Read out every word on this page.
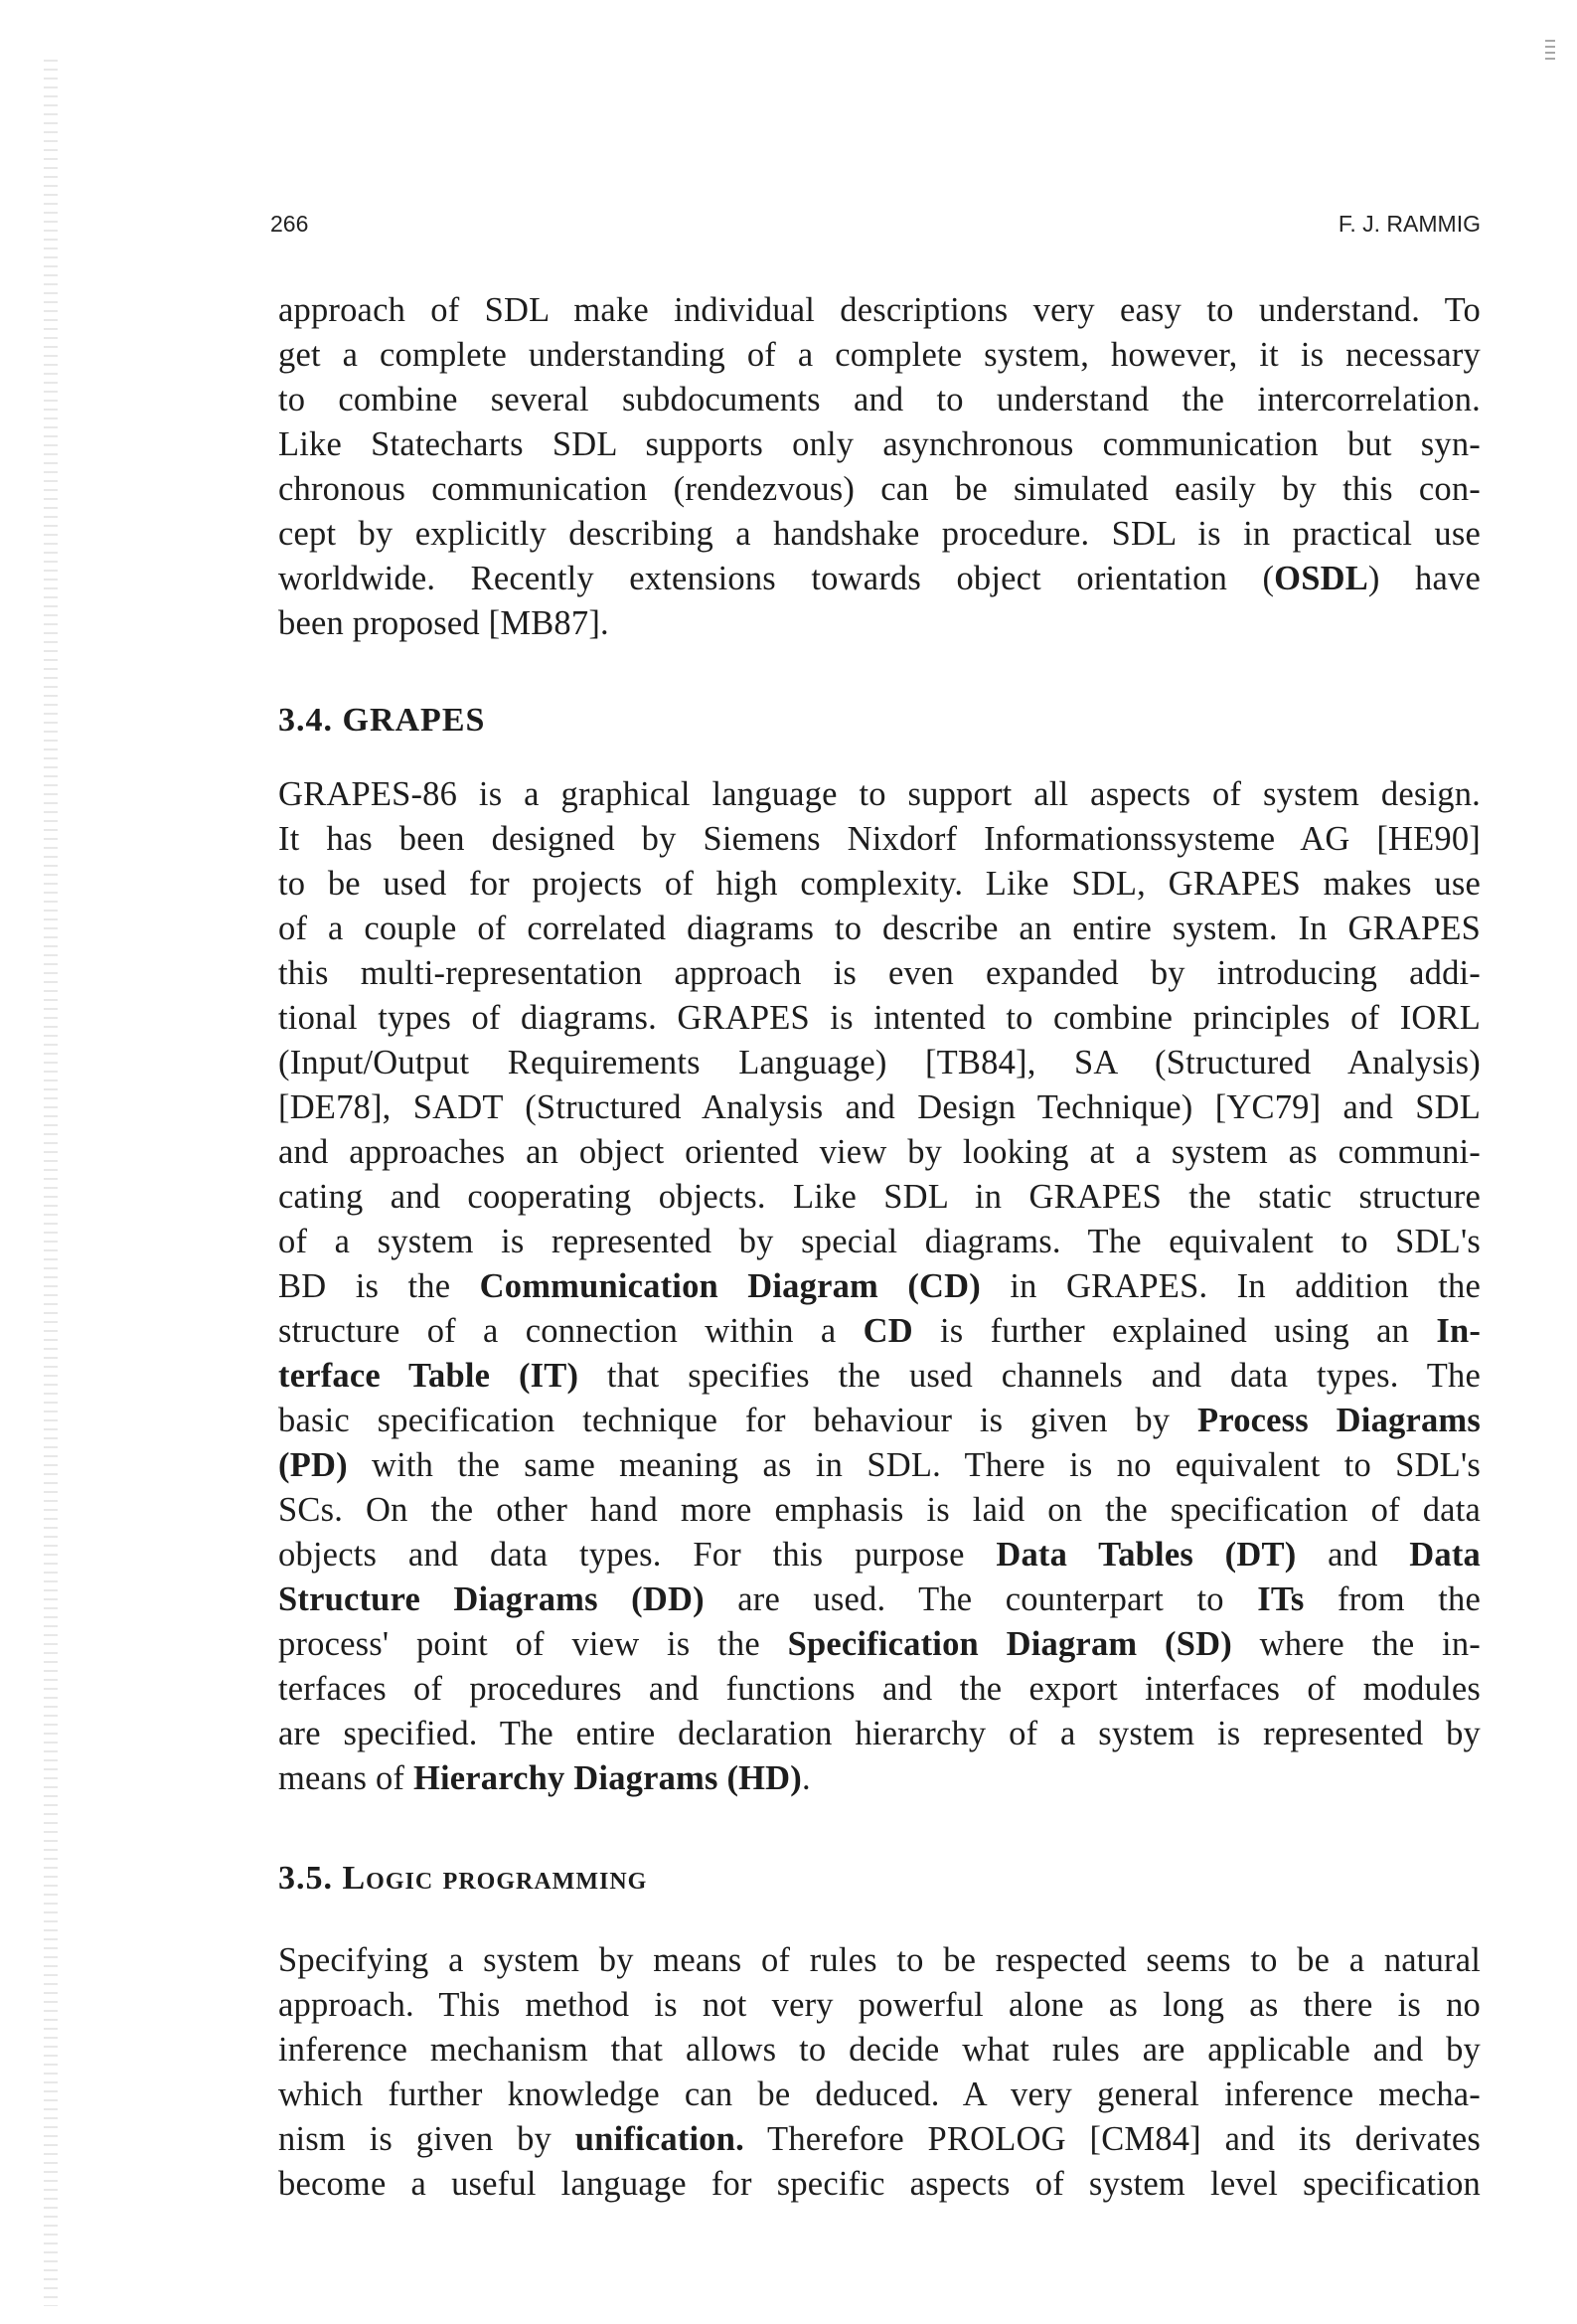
266	F. J. RAMMIG
approach of SDL make individual descriptions very easy to understand. To
get a complete understanding of a complete system, however, it is necessary
to combine several subdocuments and to understand the intercorrelation.
Like Statecharts SDL supports only asynchronous communication but syn-
chronous communication (rendezvous) can be simulated easily by this con-
cept by explicitly describing a handshake procedure. SDL is in practical use
worldwide. Recently extensions towards object orientation (OSDL) have
been proposed [MB87].
3.4. GRAPES
GRAPES-86 is a graphical language to support all aspects of system design.
It has been designed by Siemens Nixdorf Informationssysteme AG [HE90]
to be used for projects of high complexity. Like SDL, GRAPES makes use
of a couple of correlated diagrams to describe an entire system. In GRAPES
this multi-representation approach is even expanded by introducing addi-
tional types of diagrams. GRAPES is intented to combine principles of IORL
(Input/Output Requirements Language) [TB84], SA (Structured Analysis)
[DE78], SADT (Structured Analysis and Design Technique) [YC79] and SDL
and approaches an object oriented view by looking at a system as communi-
cating and cooperating objects. Like SDL in GRAPES the static structure
of a system is represented by special diagrams. The equivalent to SDL's
BD is the Communication Diagram (CD) in GRAPES. In addition the
structure of a connection within a CD is further explained using an In-
terface Table (IT) that specifies the used channels and data types. The
basic specification technique for behaviour is given by Process Diagrams
(PD) with the same meaning as in SDL. There is no equivalent to SDL's
SCs. On the other hand more emphasis is laid on the specification of data
objects and data types. For this purpose Data Tables (DT) and Data
Structure Diagrams (DD) are used. The counterpart to ITs from the
process' point of view is the Specification Diagram (SD) where the in-
terfaces of procedures and functions and the export interfaces of modules
are specified. The entire declaration hierarchy of a system is represented by
means of Hierarchy Diagrams (HD).
3.5. Logic programming
Specifying a system by means of rules to be respected seems to be a natural
approach. This method is not very powerful alone as long as there is no
inference mechanism that allows to decide what rules are applicable and by
which further knowledge can be deduced. A very general inference mecha-
nism is given by unification. Therefore PROLOG [CM84] and its derivates
become a useful language for specific aspects of system level specification
